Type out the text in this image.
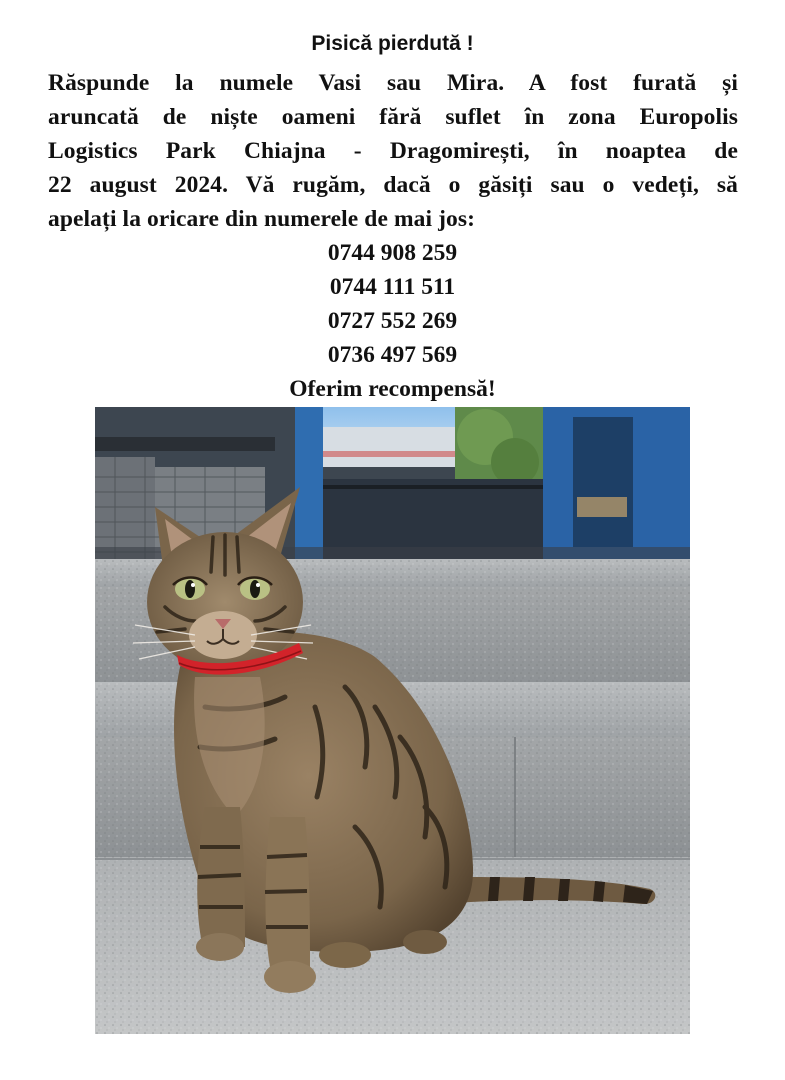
Pisică pierdută !
Răspunde la numele Vasi sau Mira. A fost furată și
aruncată de niște oameni fără suflet în zona Europolis
Logistics Park Chiajna - Dragomirești, în noaptea de
22 august 2024. Vă rugăm, dacă o găsiți sau o vedeți, să
apelați la oricare din numerele de mai jos:
0744 908 259
0744 111 511
0727 552 269
0736 497 569
Oferim recompensă!
